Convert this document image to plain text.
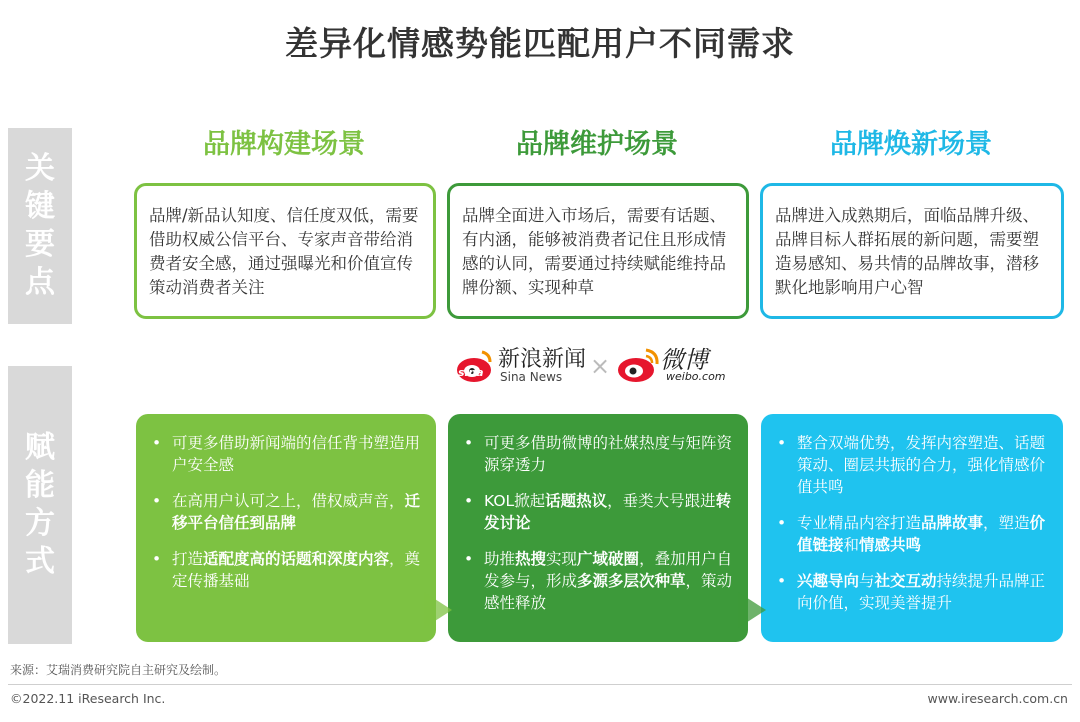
差异化情感势能匹配用户不同需求
关
键
要
点
赋
能
方
式
品牌构建场景	品牌维护场景	品牌焕新场景
品牌/新品认知度、信任度双低，需要借助权威公信平台、专家声音带给消费者安全感，通过强曝光和价值宣传策动消费者关注
品牌全面进入市场后，需要有话题、有内涵，能够被消费者记住且形成情感的认同，需要通过持续赋能维持品牌份额、实现种草
品牌进入成熟期后，面临品牌升级、品牌目标人群拓展的新问题，需要塑造易感知、易共情的品牌故事，潜移默化地影响用户心智
sina
新浪新闻
Sina News × 微博
weibo.com
• 可更多借助新闻端的信任背书塑造用户安全感
• 在高用户认可之上，借权威声音，迁移平台信任到品牌
• 打造适配度高的话题和深度内容，奠定传播基础
• 可更多借助微博的社媒热度与矩阵资源穿透力
• KOL掀起话题热议，垂类大号跟进转发讨论
• 助推热搜实现广域破圈，叠加用户自发参与，形成多源多层次种草，策动感性释放
• 整合双端优势，发挥内容塑造、话题策动、圈层共振的合力，强化情感价值共鸣
• 专业精品内容打造品牌故事，塑造价值链接和情感共鸣
• 兴趣导向与社交互动持续提升品牌正向价值，实现美誉提升
来源：艾瑞消费研究院自主研究及绘制。
©2022.11 iResearch Inc.	www.iresearch.com.cn
